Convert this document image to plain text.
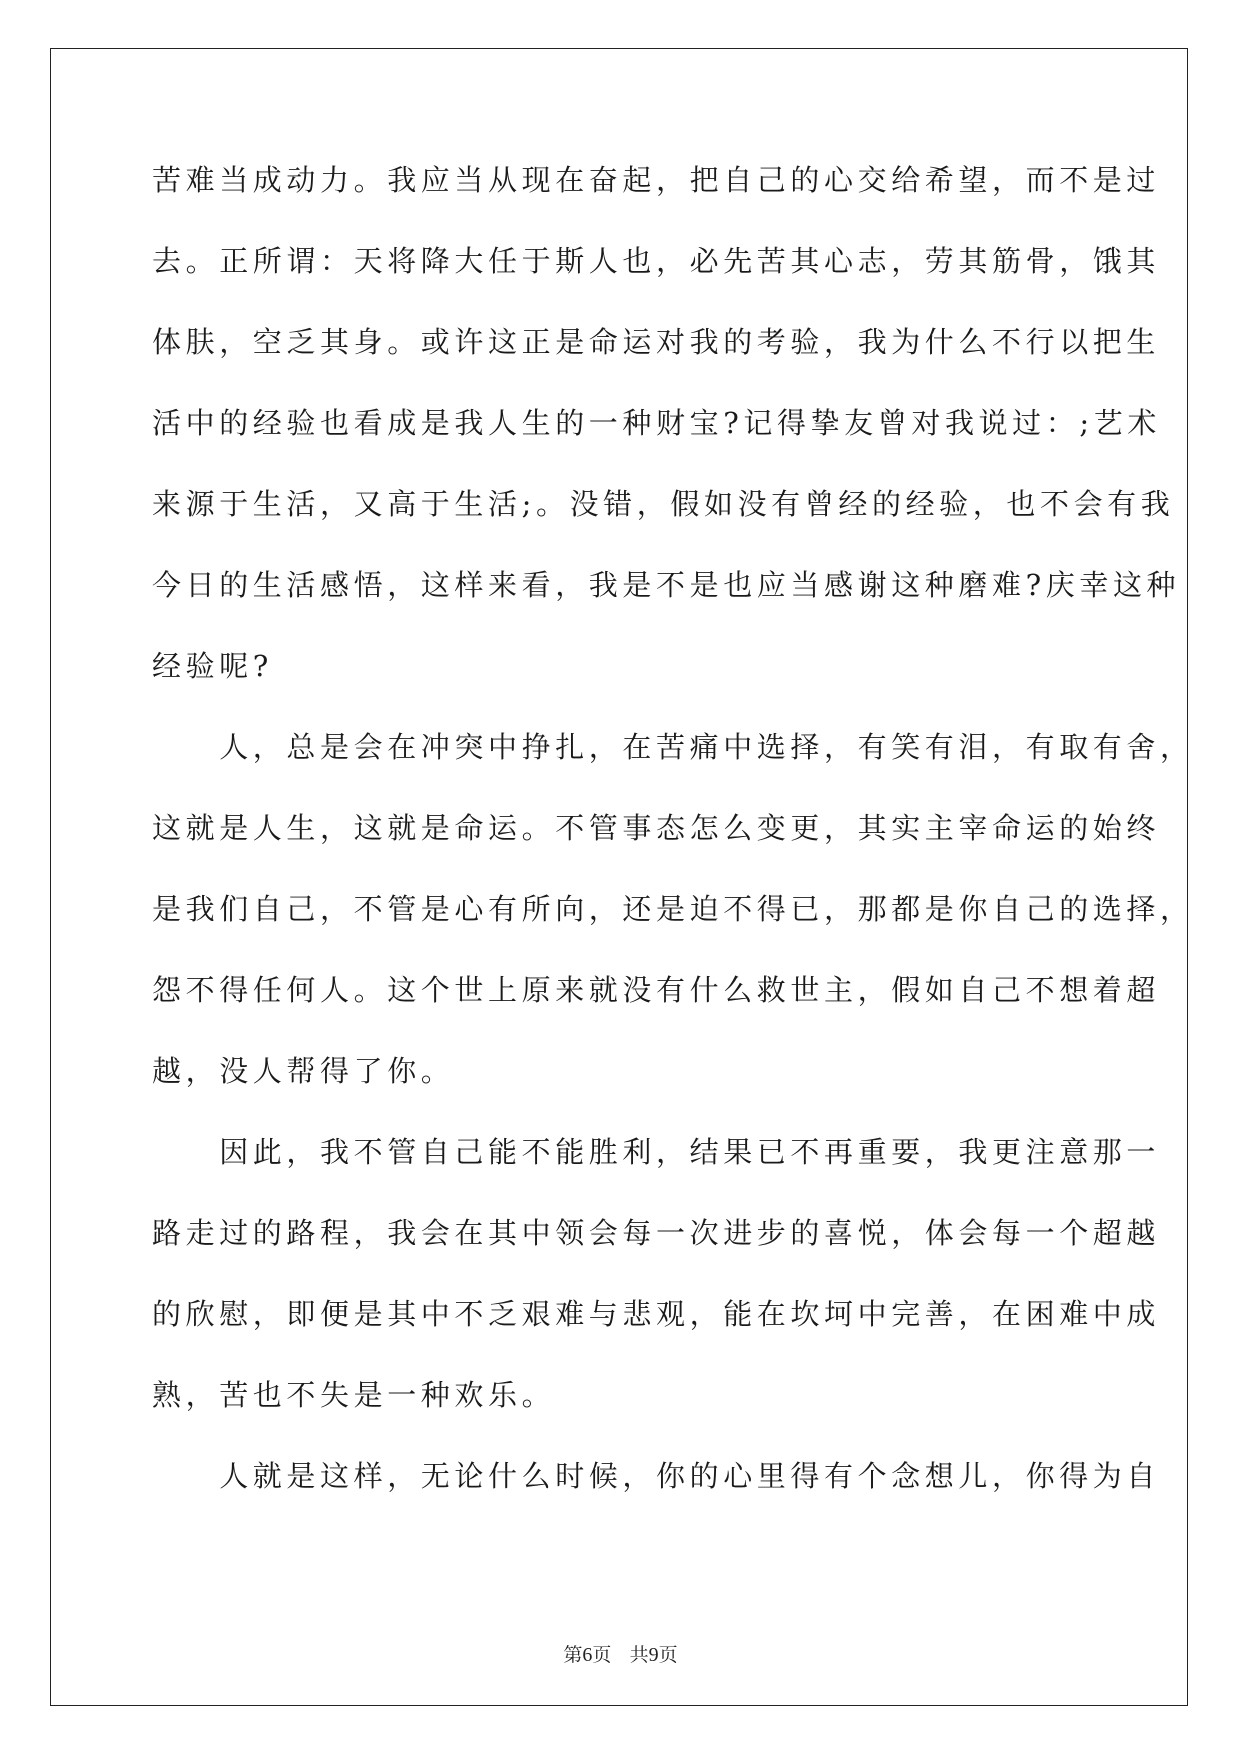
苦难当成动力。我应当从现在奋起，把自己的心交给希望，而不是过
去。正所谓：天将降大任于斯人也，必先苦其心志，劳其筋骨，饿其
体肤，空乏其身。或许这正是命运对我的考验，我为什么不行以把生
活中的经验也看成是我人生的一种财宝?记得挚友曾对我说过：;艺术
来源于生活，又高于生活;。没错，假如没有曾经的经验，也不会有我
今日的生活感悟，这样来看，我是不是也应当感谢这种磨难?庆幸这种
经验呢?
　　人，总是会在冲突中挣扎，在苦痛中选择，有笑有泪，有取有舍，
这就是人生，这就是命运。不管事态怎么变更，其实主宰命运的始终
是我们自己，不管是心有所向，还是迫不得已，那都是你自己的选择，
怨不得任何人。这个世上原来就没有什么救世主，假如自己不想着超
越，没人帮得了你。
　　因此，我不管自己能不能胜利，结果已不再重要，我更注意那一
路走过的路程，我会在其中领会每一次进步的喜悦，体会每一个超越
的欣慰，即便是其中不乏艰难与悲观，能在坎坷中完善，在困难中成
熟，苦也不失是一种欢乐。
　　人就是这样，无论什么时候，你的心里得有个念想儿，你得为自
第6页 共9页
